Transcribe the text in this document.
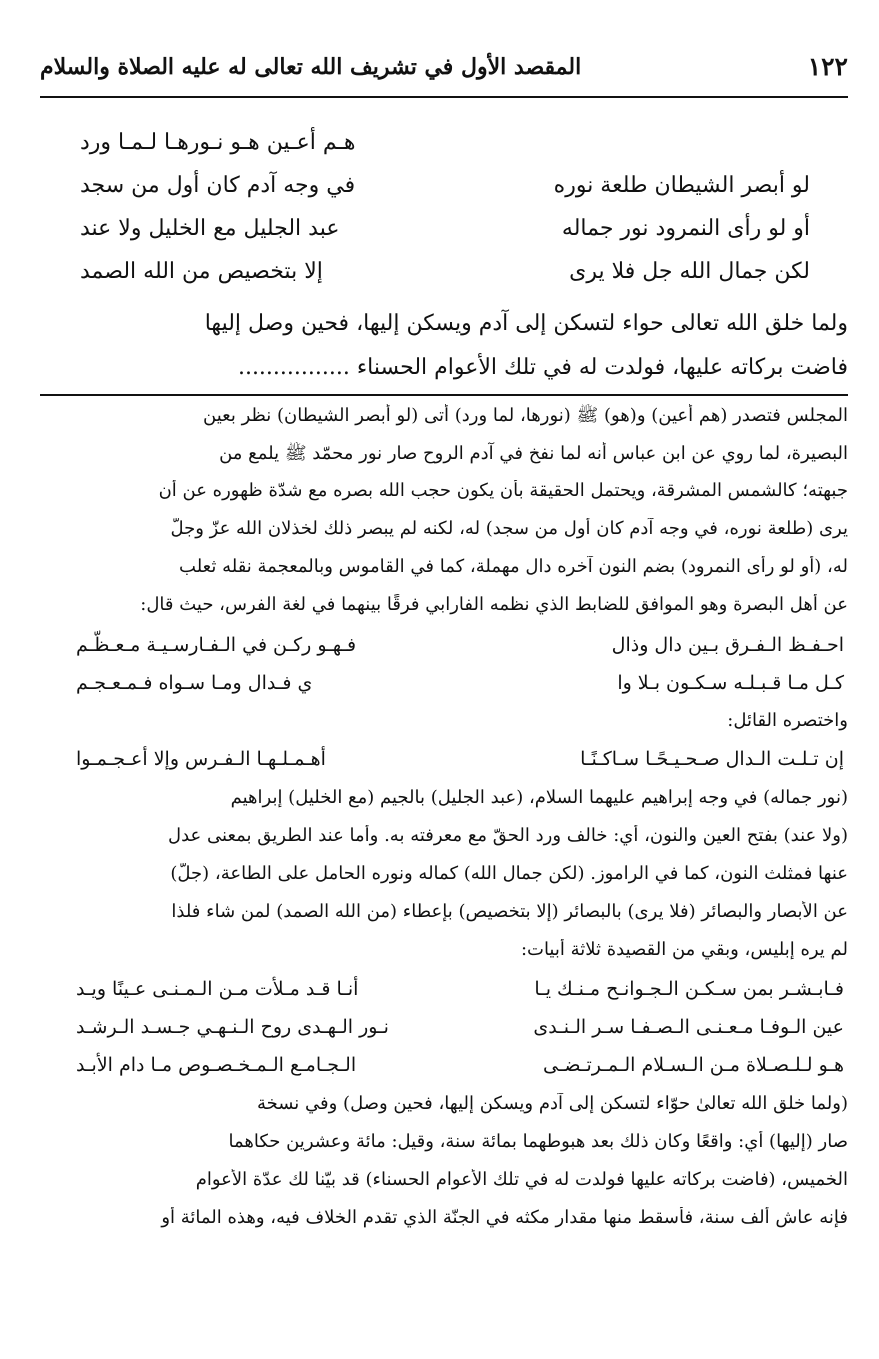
١٢٢
المقصد الأول في تشريف الله تعالى له عليه الصلاة والسلام
هـم أعـين هـو نـورهـا لـمـا ورد
لو أبصر الشيطان طلعة نوره
في وجه آدم كان أول من سجد
أو لو رأى النمرود نور جماله
عبد الجليل مع الخليل ولا عند
لكن جمال الله جل فلا يرى
إلا بتخصيص من الله الصمد
ولما خلق الله تعالى حواء لتسكن إلى آدم ويسكن إليها، فحين وصل إليها
فاضت بركاته عليها، فولدت له في تلك الأعوام الحسناء ................
المجلس فتصدر (هم أعين) و(هو) ﷺ (نورها، لما ورد) أتى (لو أبصر الشيطان) نظر بعين
البصيرة، لما روي عن ابن عباس أنه لما نفخ في آدم الروح صار نور محمّد ﷺ يلمع من
جبهته؛ كالشمس المشرقة، ويحتمل الحقيقة بأن يكون حجب الله بصره مع شدّة ظهوره عن أن
يرى (طلعة نوره، في وجه آدم كان أول من سجد) له، لكنه لم يبصر ذلك لخذلان الله عزّ وجلّ
له، (أو لو رأى النمرود) بضم النون آخره دال مهملة، كما في القاموس وبالمعجمة نقله ثعلب
عن أهل البصرة وهو الموافق للضابط الذي نظمه الفارابي فرقًا بينهما في لغة الفرس، حيث قال:
احـفـظ الـفـرق بـين دال وذال
فـهـو ركـن في الـفـارسـيـة مـعـظّـم
كـل مـا قـبـلـه سـكـون بـلا وا
ي فـدال ومـا سـواه فـمـعـجـم
واختصره القائل:
إن تـلـت الـدال صـحـيـحًـا سـاكـنًـا
أهـمـلـهـا الـفـرس وإلا أعـجـمـوا
(نور جماله) في وجه إبراهيم عليهما السلام، (عبد الجليل) بالجيم (مع الخليل) إبراهيم
(ولا عند) بفتح العين والنون، أي: خالف ورد الحقّ مع معرفته به. وأما عند الطريق بمعنى عدل
عنها فمثلث النون، كما في الراموز. (لكن جمال الله) كماله ونوره الحامل على الطاعة، (جلّ)
عن الأبصار والبصائر (فلا يرى) بالبصائر (إلا بتخصيص) بإعطاء (من الله الصمد) لمن شاء فلذا
لم يره إبليس، وبقي من القصيدة ثلاثة أبيات:
فـابـشـر بمن سـكـن الـجـوانـح مـنـك يـا
أنـا قـد مـلأت مـن الـمـنـى عـينًا ويـد
عين الـوفـا مـعـنـى الـصـفـا سـر الـنـدى
نـور الـهـدى روح الـنـهـي جـسـد الـرشـد
هـو لـلـصـلاة مـن الـسـلام الـمـرتـضـى
الـجـامـع الـمـخـصـوص مـا دام الأبـد
(ولما خلق الله تعالىٰ حوّاء لتسكن إلى آدم ويسكن إليها، فحين وصل) وفي نسخة
صار (إليها) أي: واقعًا وكان ذلك بعد هبوطهما بمائة سنة، وقيل: مائة وعشرين حكاهما
الخميس، (فاضت بركاته عليها فولدت له في تلك الأعوام الحسناء) قد بيّنا لك عدّة الأعوام
فإنه عاش ألف سنة، فأسقط منها مقدار مكثه في الجنّة الذي تقدم الخلاف فيه، وهذه المائة أو
